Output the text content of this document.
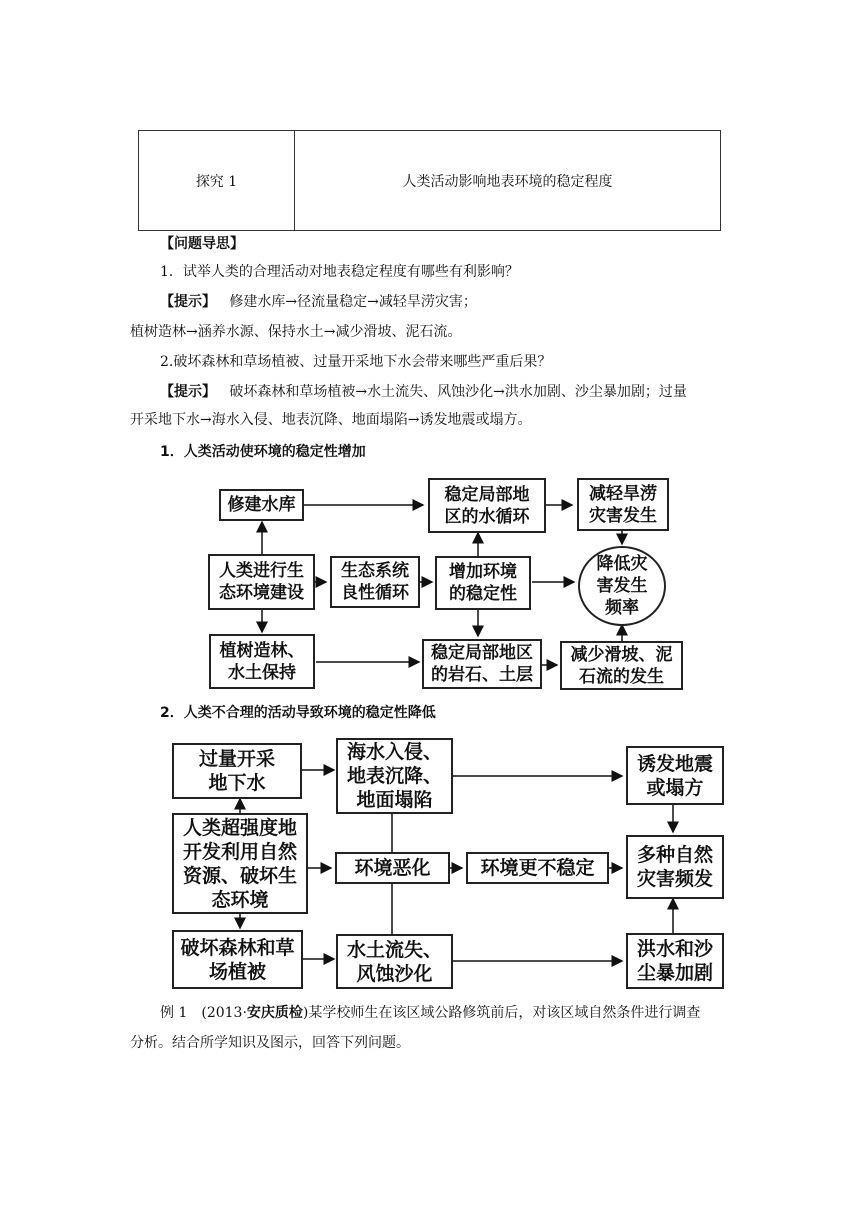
探究 1	人类活动影响地表环境的稳定程度
【问题导思】
1．试举人类的合理活动对地表稳定程度有哪些有利影响？
【提示】 修建水库→径流量稳定→减轻旱涝灾害；
植树造林→涵养水源、保持水土→减少滑坡、泥石流。
2.破坏森林和草场植被、过量开采地下水会带来哪些严重后果？
【提示】 破坏森林和草场植被→水土流失、风蚀沙化→洪水加剧、沙尘暴加剧；过量
开采地下水→海水入侵、地表沉降、地面塌陷→诱发地震或塌方。
1．人类活动使环境的稳定性增加
修建水库
稳定局部地
区的水循环
减轻旱涝
灾害发生
人类进行生
态环境建设
生态系统
良性循环
增加环境
的稳定性
降低灾
害发生
频率
植树造林、
水土保持
稳定局部地区
的岩石、土层
减少滑坡、泥
石流的发生
2．人类不合理的活动导致环境的稳定性降低
过量开采
地下水
海水入侵、
地表沉降、
地面塌陷
诱发地震
或塌方
人类超强度地
开发利用自然
资源、破坏生
态环境
环境恶化	环境更不稳定
多种自然
灾害频发
破坏森林和草
场植被
水土流失、
风蚀沙化
洪水和沙
尘暴加剧
例 1　(2013·安庆质检)某学校师生在该区域公路修筑前后，对该区域自然条件进行调查
分析。结合所学知识及图示，回答下列问题。
